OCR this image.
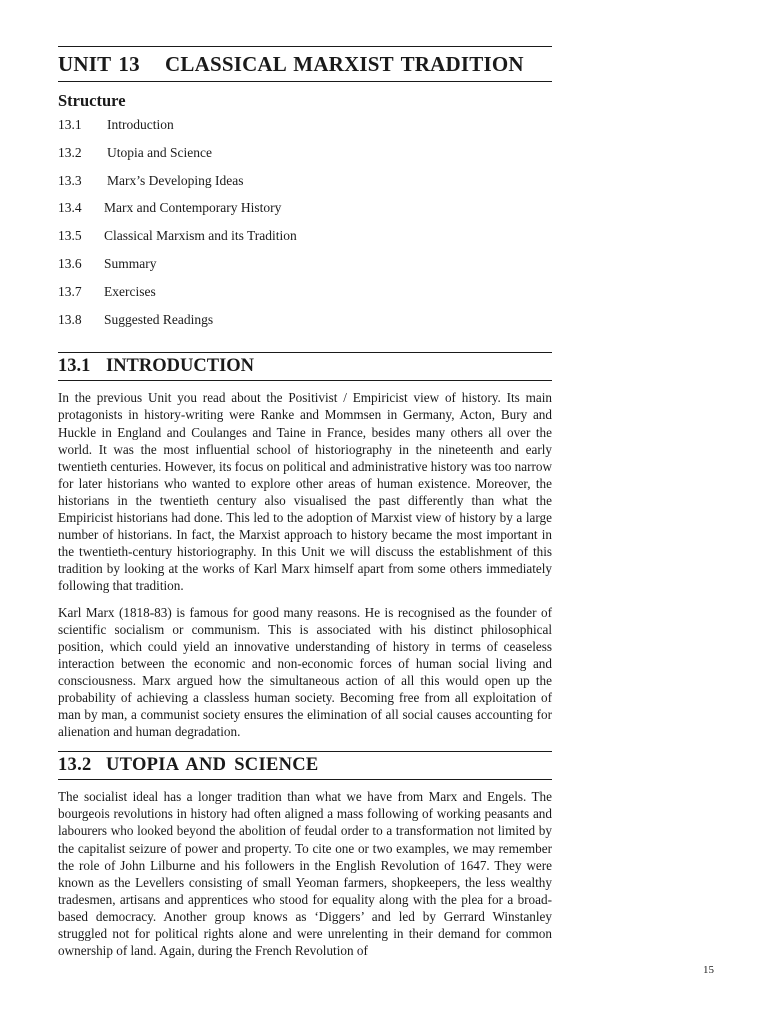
UNIT 13	CLASSICAL MARXIST TRADITION
Structure
13.1	Introduction
13.2	Utopia and Science
13.3	Marx’s Developing Ideas
13.4	Marx and Contemporary History
13.5	Classical Marxism and its Tradition
13.6	Summary
13.7	Exercises
13.8	Suggested Readings
13.1 INTRODUCTION

In the previous Unit you read about the Positivist / Empiricist view of history. Its main protagonists in history-writing were Ranke and Mommsen in Germany, Acton, Bury and Huckle in England and Coulanges and Taine in France, besides many others all over the world. It was the most influential school of historiography in the nineteenth and early twentieth centuries. However, its focus on political and administrative history was too narrow for later historians who wanted to explore other areas of human existence. Moreover, the historians in the twentieth century also visualised the past differently than what the Empiricist historians had done. This led to the adoption of Marxist view of history by a large number of historians. In fact, the Marxist approach to history became the most important in the twentieth-century historiography. In this Unit we will discuss the establishment of this tradition by looking at the works of Karl Marx himself apart from some others immediately following that tradition.

Karl Marx (1818-83) is famous for good many reasons. He is recognised as the founder of scientific socialism or communism. This is associated with his distinct philosophical position, which could yield an innovative understanding of history in terms of ceaseless interaction between the economic and non-economic forces of human social living and consciousness. Marx argued how the simultaneous action of all this would open up the probability of achieving a classless human society. Becoming free from all exploitation of man by man, a communist society ensures the elimination of all social causes accounting for alienation and human degradation.

13.2 UTOPIA AND SCIENCE

The socialist ideal has a longer tradition than what we have from Marx and Engels. The bourgeois revolutions in history had often aligned a mass following of working peasants and labourers who looked beyond the abolition of feudal order to a transformation not limited by the capitalist seizure of power and property. To cite one or two examples, we may remember the role of John Lilburne and his followers in the English Revolution of 1647. They were known as the Levellers consisting of small Yeoman farmers, shopkeepers, the less wealthy tradesmen, artisans and apprentices who stood for equality along with the plea for a broad-based democracy. Another group knows as ‘Diggers’ and led by Gerrard Winstanley struggled not for political rights alone and were unrelenting in their demand for common ownership of land. Again, during the French Revolution of

15
